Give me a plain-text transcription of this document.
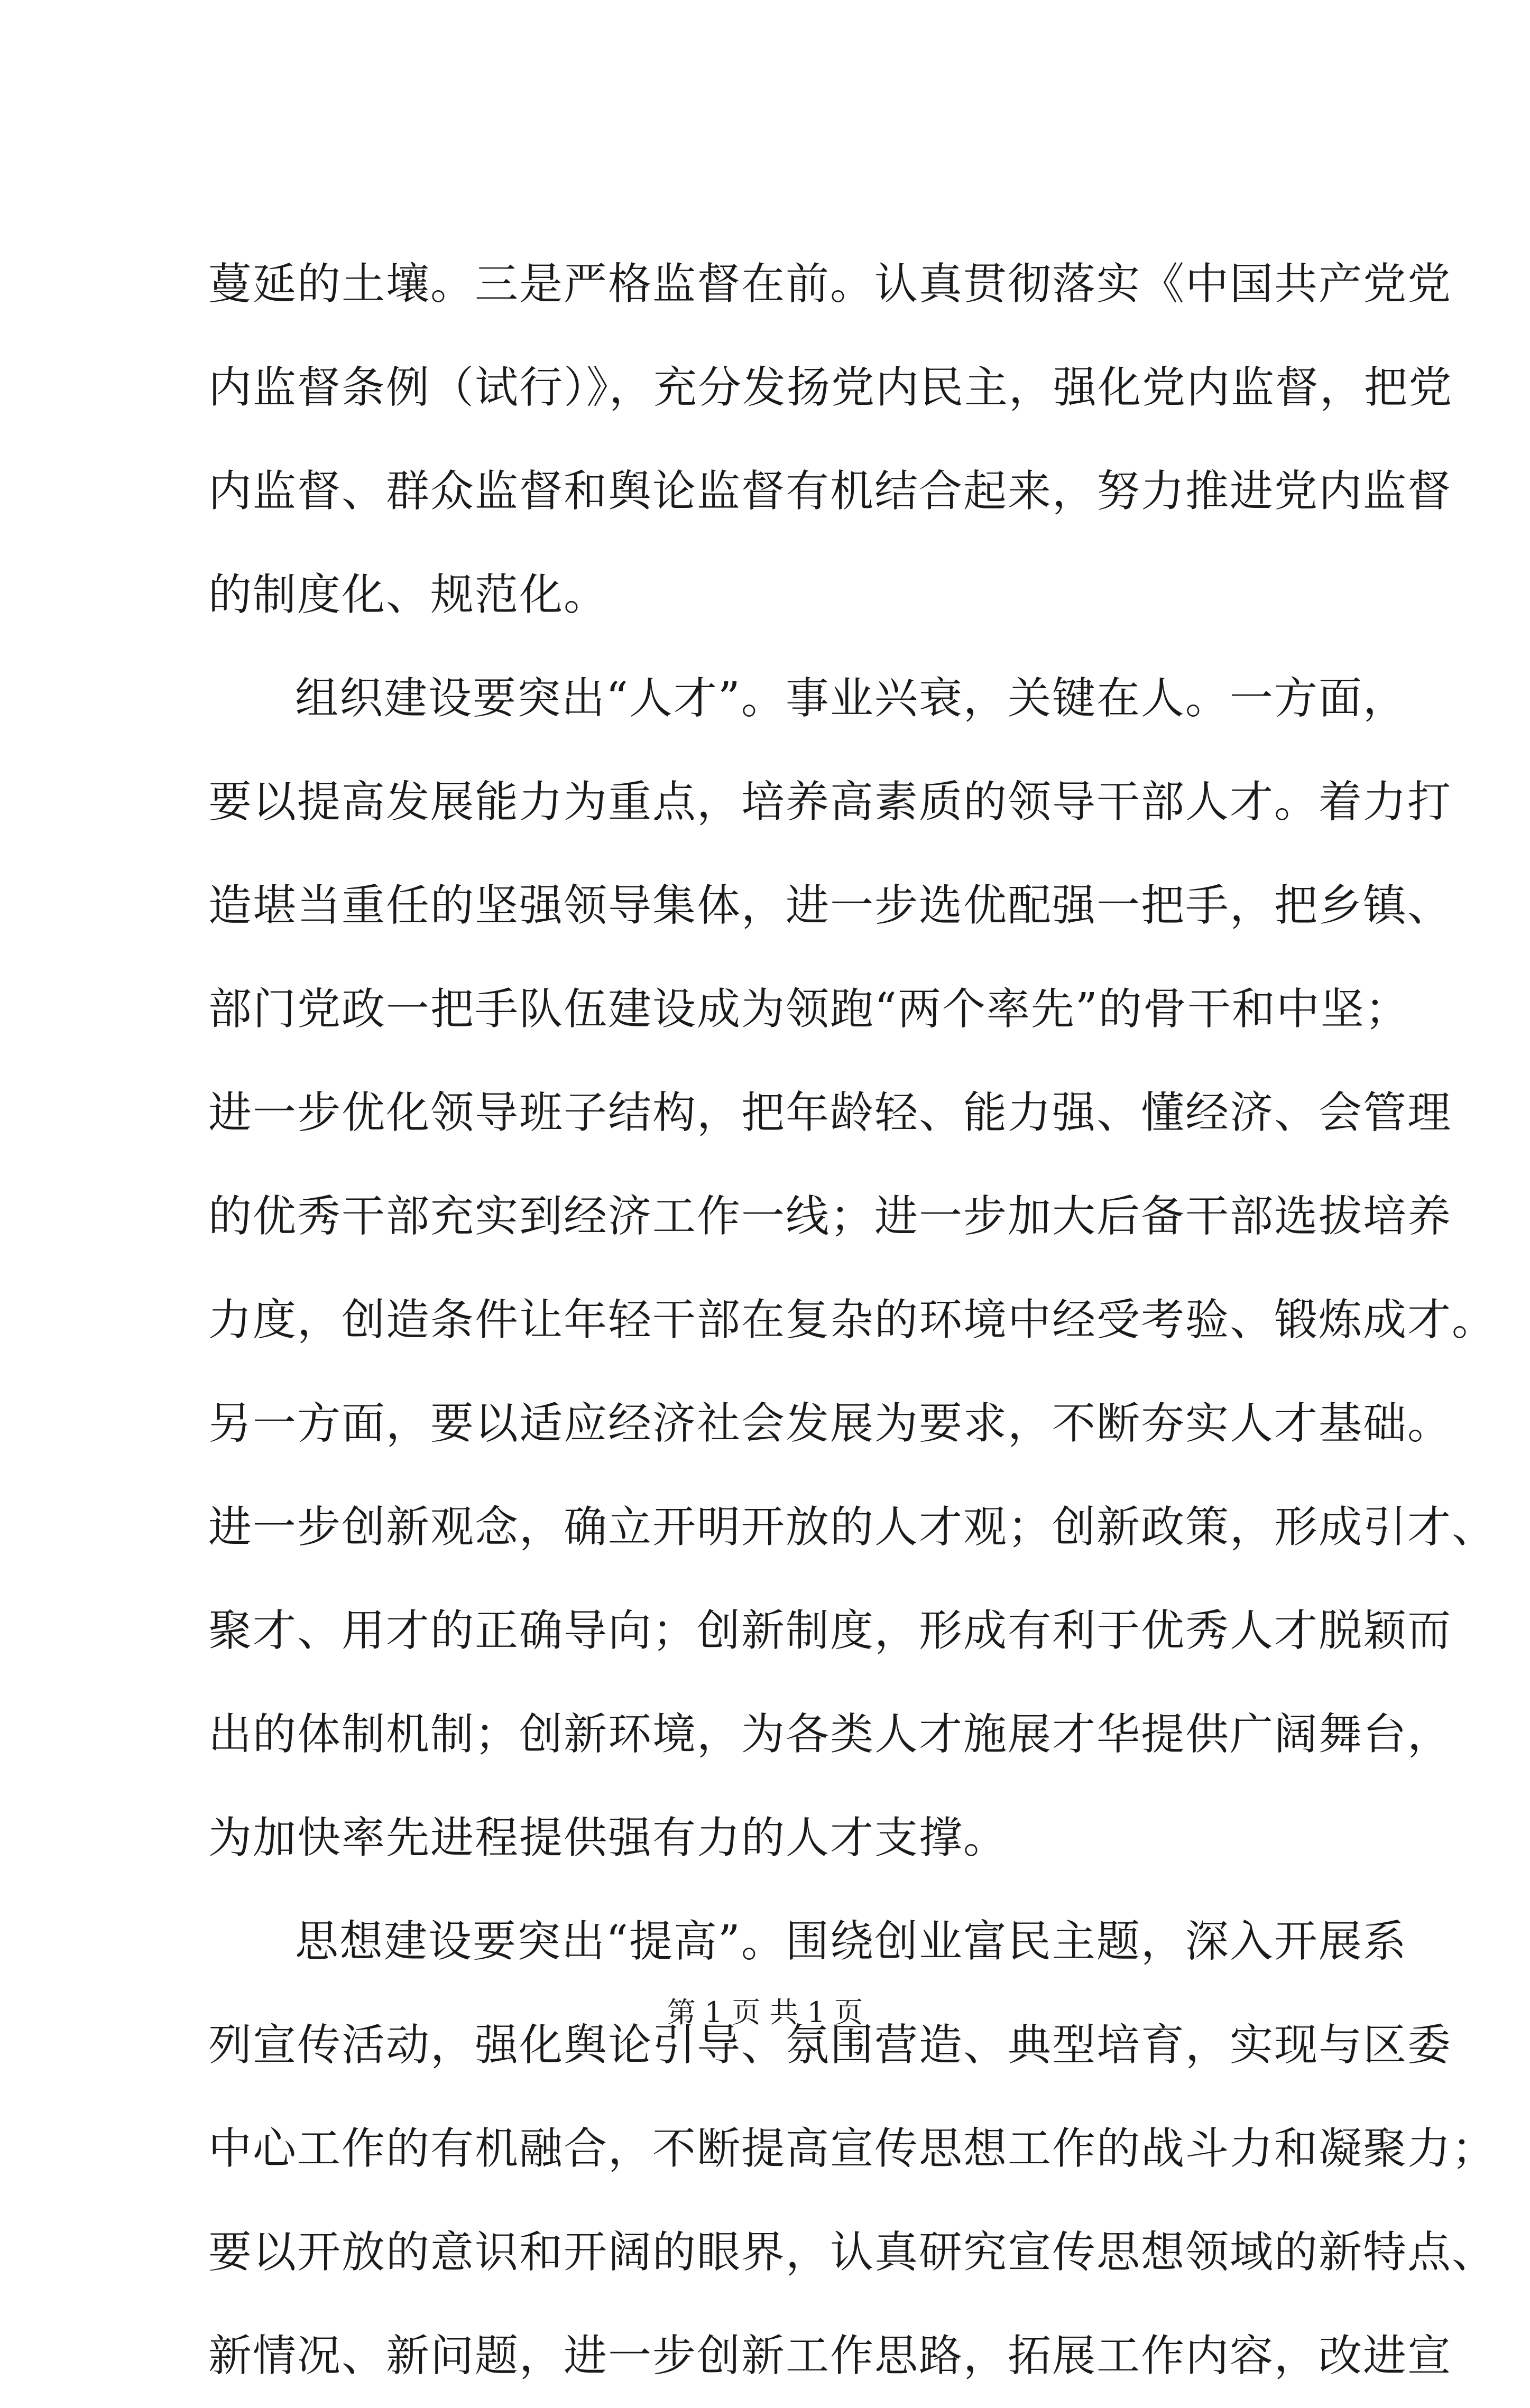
蔓延的土壤。三是严格监督在前。认真贯彻落实《中国共产党党
内监督条例（试行）》，充分发扬党内民主，强化党内监督，把党
内监督、群众监督和舆论监督有机结合起来，努力推进党内监督
的制度化、规范化。
组织建设要突出“人才”。事业兴衰，关键在人。一方面，
要以提高发展能力为重点，培养高素质的领导干部人才。着力打
造堪当重任的坚强领导集体，进一步选优配强一把手，把乡镇、
部门党政一把手队伍建设成为领跑“两个率先”的骨干和中坚；
进一步优化领导班子结构，把年龄轻、能力强、懂经济、会管理
的优秀干部充实到经济工作一线；进一步加大后备干部选拔培养
力度，创造条件让年轻干部在复杂的环境中经受考验、锻炼成才。
另一方面，要以适应经济社会发展为要求，不断夯实人才基础。
进一步创新观念，确立开明开放的人才观；创新政策，形成引才、
聚才、用才的正确导向；创新制度，形成有利于优秀人才脱颖而
出的体制机制；创新环境，为各类人才施展才华提供广阔舞台，
为加快率先进程提供强有力的人才支撑。
思想建设要突出“提高”。围绕创业富民主题，深入开展系
列宣传活动，强化舆论引导、氛围营造、典型培育，实现与区委
中心工作的有机融合，不断提高宣传思想工作的战斗力和凝聚力；
要以开放的意识和开阔的眼界，认真研究宣传思想领域的新特点、
新情况、新问题，进一步创新工作思路，拓展工作内容，改进宣
第 1 页 共 1 页
